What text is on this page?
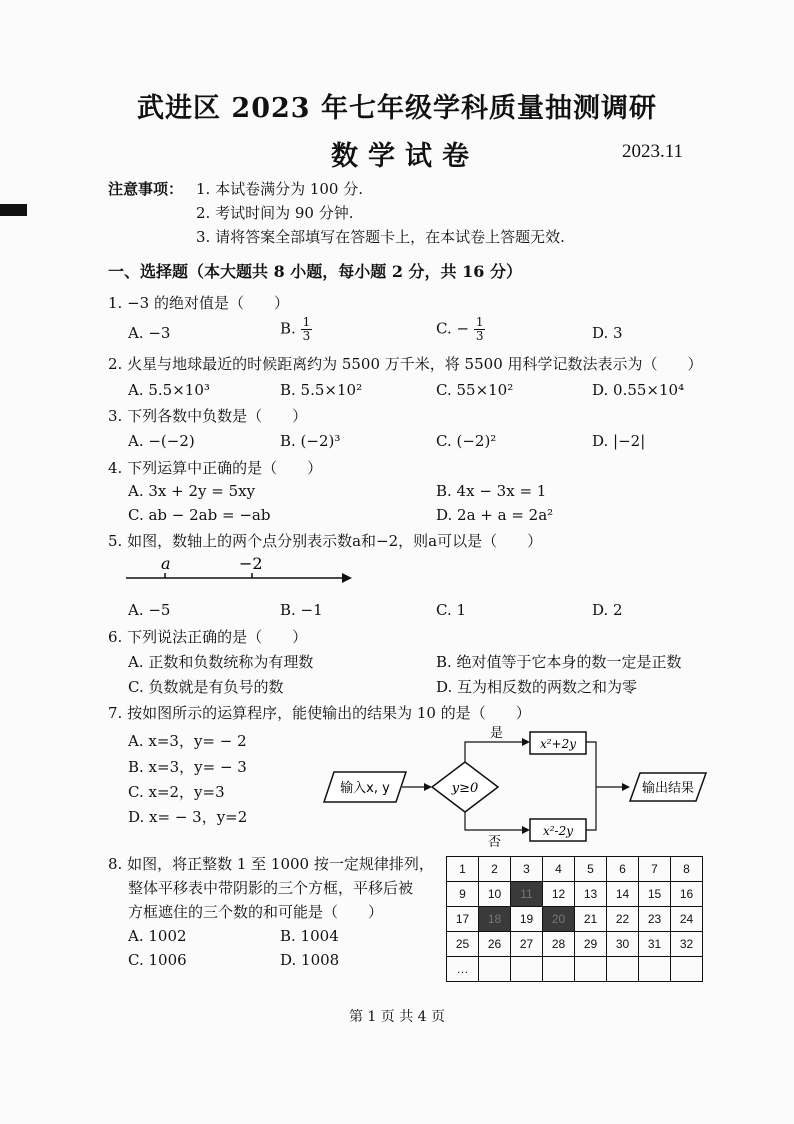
武进区 2023 年七年级学科质量抽测调研
数学试卷	2023.11
注意事项： 1. 本试卷满分为 100 分.
2. 考试时间为 90 分钟.
3. 请将答案全部填写在答题卡上，在本试卷上答题无效.
一、选择题（本大题共 8 小题，每小题 2 分，共 16 分）
1. −3 的绝对值是（　　）
A. −3	B. $\frac{1}{3}$	C. − $\frac{1}{3}$	D. 3
2. 火星与地球最近的时候距离约为 5500 万千米，将 5500 用科学记数法表示为（　　）
A. 5.5×10³	B. 5.5×10²	C. 55×10²	D. 0.55×10⁴
3. 下列各数中负数是（　　）
A. −(−2)	B. (−2)³	C. (−2)²	D. |−2|
4. 下列运算中正确的是（　　）
A. 3x + 2y = 5xy	B. 4x − 3x = 1
C. ab − 2ab = −ab	D. 2a + a = 2a²
5. 如图，数轴上的两个点分别表示数a和−2，则a可以是（　　）
a	−2
A. −5	B. −1	C. 1	D. 2
6. 下列说法正确的是（　　）
A. 正数和负数统称为有理数	B. 绝对值等于它本身的数一定是正数
C. 负数就是有负号的数	D. 互为相反数的两数之和为零
7. 按如图所示的运算程序，能使输出的结果为 10 的是（　　）
A. x=3，y= − 2
B. x=3，y= − 3
C. x=2，y=3
D. x= − 3，y=2
输入x, y	y≥0
是
x²+2y
否
x²-2y
输出结果
8. 如图，将正整数 1 至 1000 按一定规律排列，
整体平移表中带阴影的三个方框，平移后被
方框遮住的三个数的和可能是（　　）
A. 1002	B. 1004
C. 1006	D. 1008
1	2	3	4	5	6	7	8
9	10	11	12	13	14	15	16
17	18	19	20	21	22	23	24
25	26	27	28	29	30	31	32
…							
第 1 页 共 4 页
